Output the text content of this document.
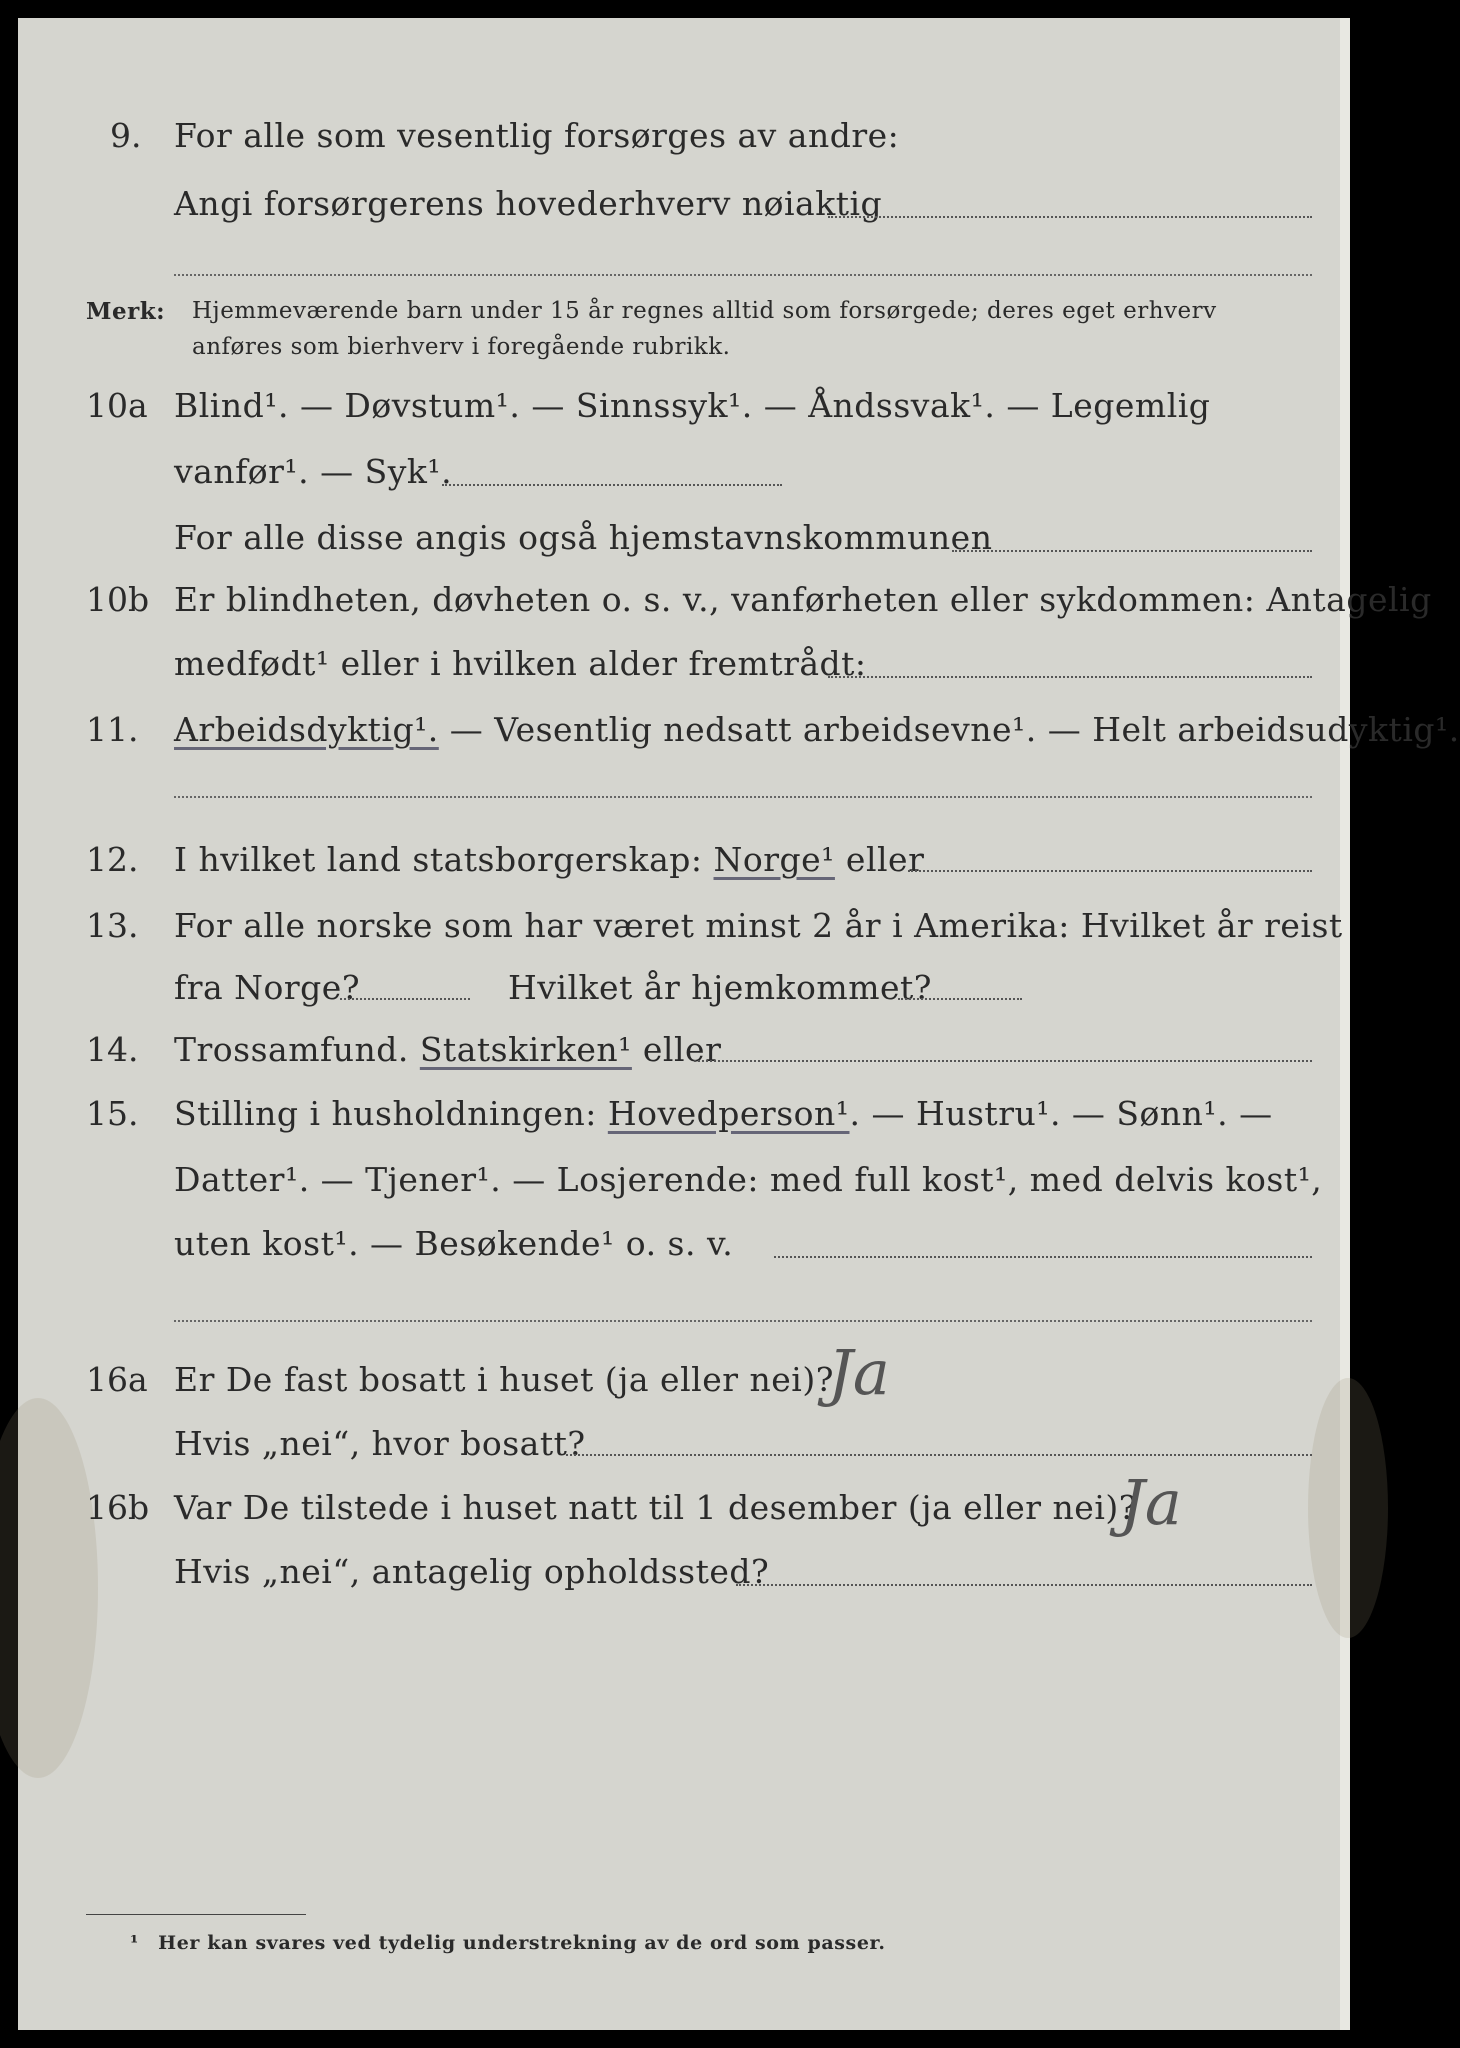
9. For alle som vesentlig forsørges av andre:
Angi forsørgerens hovederhverv nøiaktig
Merk: Hjemmeværende barn under 15 år regnes alltid som forsørgede; deres eget erhverv
anføres som bierhverv i foregående rubrikk.
10a Blind¹. — Døvstum¹. — Sinnssyk¹. — Åndssvak¹. — Legemlig
vanfør¹. — Syk¹.
For alle disse angis også hjemstavnskommunen
10b Er blindheten, døvheten o. s. v., vanførheten eller sykdommen: Antagelig
medfødt¹ eller i hvilken alder fremtrådt:
11. Arbeidsdyktig¹. — Vesentlig nedsatt arbeidsevne¹. — Helt arbeidsudyktig¹.
12. I hvilket land statsborgerskap: Norge¹ eller
13. For alle norske som har været minst 2 år i Amerika: Hvilket år reist
fra Norge?	Hvilket år hjemkommet?
14. Trossamfund. Statskirken¹ eller
15. Stilling i husholdningen: Hovedperson¹. — Hustru¹. — Sønn¹. —
Datter¹. — Tjener¹. — Losjerende: med full kost¹, med delvis kost¹,
uten kost¹. — Besøkende¹ o. s. v.
16a Er De fast bosatt i huset (ja eller nei)?
Ja
Hvis „nei“, hvor bosatt?
16b Var De tilstede i huset natt til 1 desember (ja eller nei)?
Ja
Hvis „nei“, antagelig opholdssted?
¹ Her kan svares ved tydelig understrekning av de ord som passer.
